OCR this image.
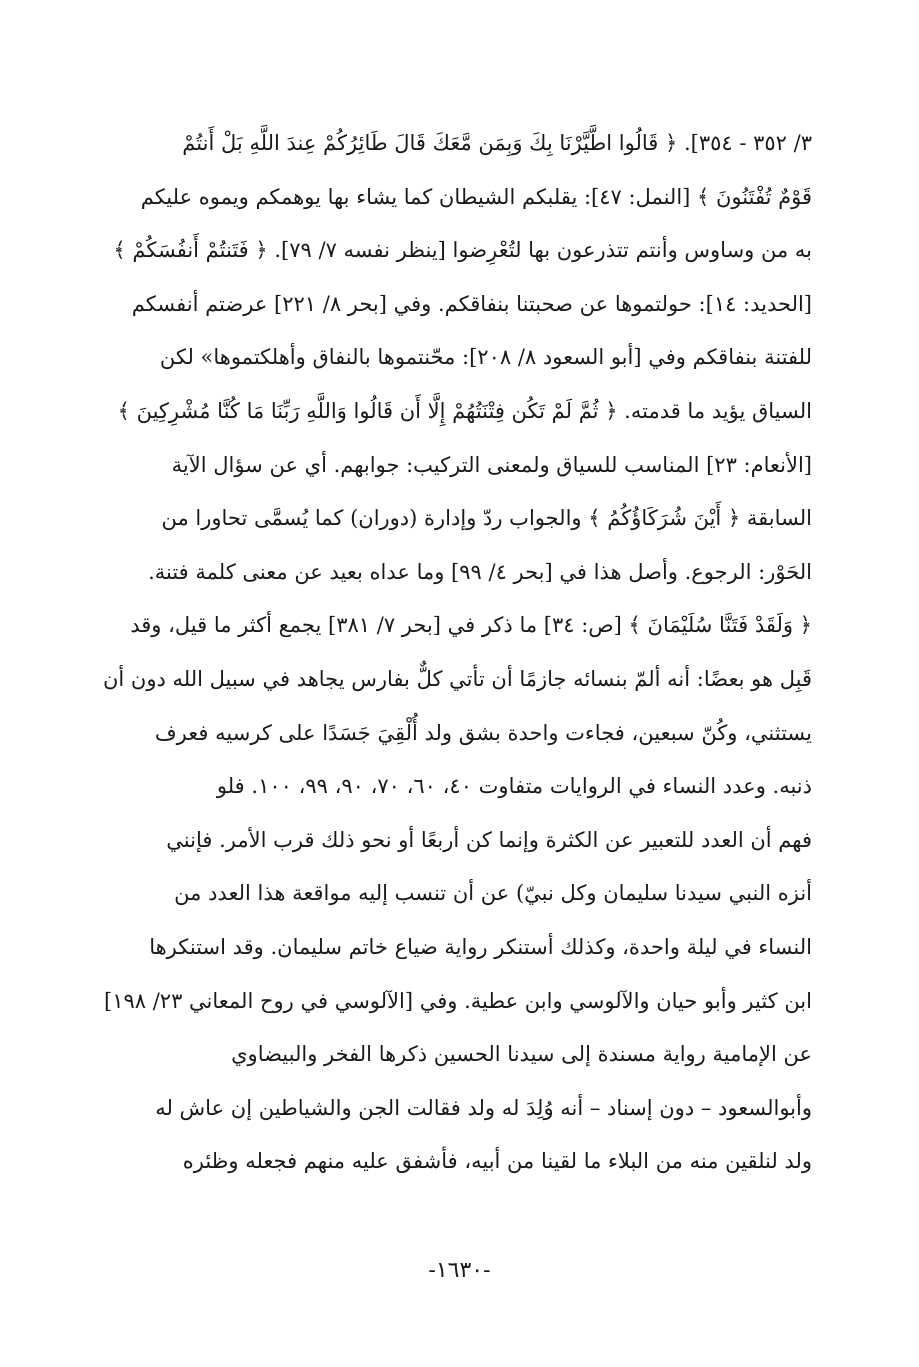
٣/ ٣٥٢ - ٣٥٤]. ﴿ قَالُوا اطَّيَّرْنَا بِكَ وَبِمَن مَّعَكَ قَالَ طَائِرُكُمْ عِندَ اللَّهِ بَلْ أَنتُمْ
قَوْمٌ تُفْتَنُونَ ﴾ [النمل: ٤٧]: يقلبكم الشيطان كما يشاء بها يوهمكم ويموه عليكم
به من وساوس وأنتم تتذرعون بها لتُعْرِضوا [ينظر نفسه ٧/ ٧٩]. ﴿ فَتَنتُمْ أَنفُسَكُمْ ﴾
[الحديد: ١٤]: حولتموها عن صحبتنا بنفاقكم. وفي [بحر ٨/ ٢٢١] عرضتم أنفسكم
للفتنة بنفاقكم وفي [أبو السعود ٨/ ٢٠٨]: محّنتموها بالنفاق وأهلكتموها» لكن
السياق يؤيد ما قدمته. ﴿ ثُمَّ لَمْ تَكُن فِتْنَتُهُمْ إِلَّا أَن قَالُوا وَاللَّهِ رَبِّنَا مَا كُنَّا مُشْرِكِينَ ﴾
[الأنعام: ٢٣] المناسب للسياق ولمعنى التركيب: جوابهم. أي عن سؤال الآية
السابقة ﴿ أَيْنَ شُرَكَاؤُكُمُ ﴾ والجواب ردّ وإدارة (دوران) كما يُسمَّى تحاورا من
الحَوْر: الرجوع. وأصل هذا في [بحر ٤/ ٩٩] وما عداه بعيد عن معنى كلمة فتنة.
﴿ وَلَقَدْ فَتَنَّا سُلَيْمَانَ ﴾ [ص: ٣٤] ما ذكر في [بحر ٧/ ٣٨١] يجمع أكثر ما قيل، وقد
قَبِل هو بعضًا: أنه ألمّ بنسائه جازمًا أن تأتي كلٌّ بفارس يجاهد في سبيل الله دون أن
يستثني، وكُنّ سبعين، فجاءت واحدة بشق ولد أُلْقِيَ جَسَدًا على كرسيه فعرف
ذنبه. وعدد النساء في الروايات متفاوت ٤٠، ٦٠، ٧٠، ٩٠، ٩٩، ١٠٠. فلو
فهم أن العدد للتعبير عن الكثرة وإنما كن أربعًا أو نحو ذلك قرب الأمر. فإنني
أنزه النبي سيدنا سليمان وكل نبيّ) عن أن تنسب إليه مواقعة هذا العدد من
النساء في ليلة واحدة، وكذلك أستنكر رواية ضياع خاتم سليمان. وقد استنكرها
ابن كثير وأبو حيان والآلوسي وابن عطية. وفي [الآلوسي في روح المعاني ٢٣/ ١٩٨]
عن الإمامية رواية مسندة إلى سيدنا الحسين ذكرها الفخر والبيضاوي
وأبوالسعود – دون إسناد – أنه وُلِدَ له ولد فقالت الجن والشياطين إن عاش له
ولد لنلقين منه من البلاء ما لقينا من أبيه، فأشفق عليه منهم فجعله وظئره
-١٦٣٠-
